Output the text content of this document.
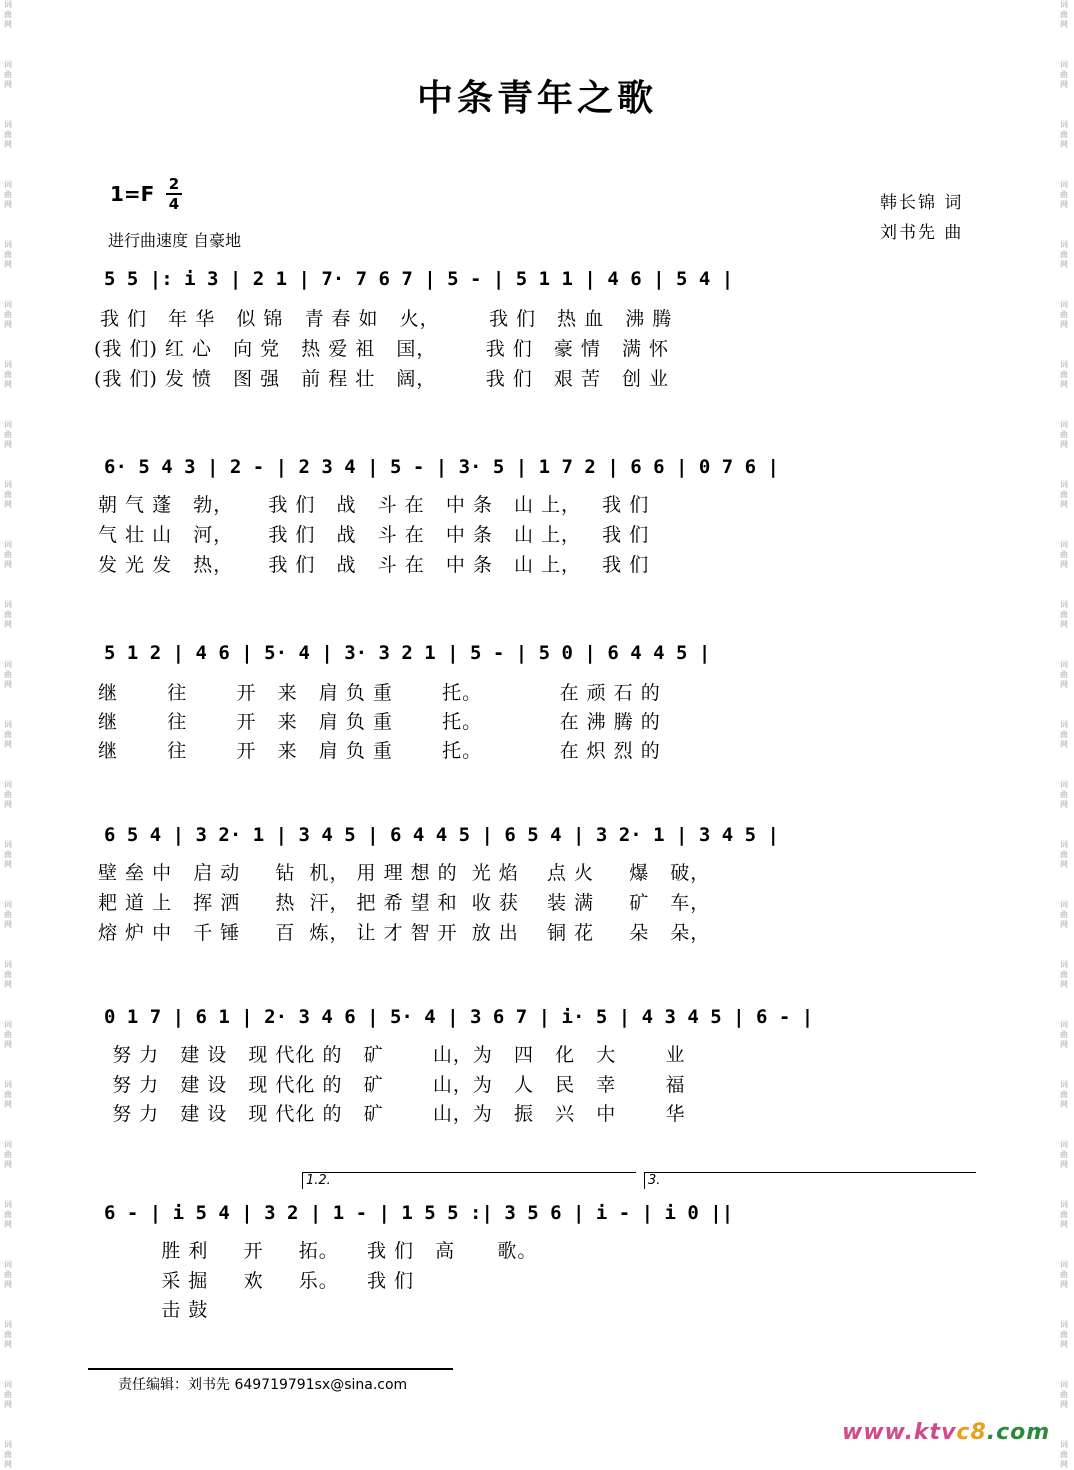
词曲网
词曲网
词曲网
词曲网
词曲网
词曲网
词曲网
词曲网
词曲网
词曲网
词曲网
词曲网
词曲网
词曲网
词曲网
词曲网
词曲网
词曲网
词曲网
词曲网
词曲网
词曲网
词曲网
词曲网
词曲网
词曲网
词曲网
词曲网
词曲网
词曲网
词曲网
词曲网
词曲网
词曲网
词曲网
词曲网
词曲网
词曲网
词曲网
词曲网
词曲网
词曲网
词曲网
词曲网
词曲网
词曲网
词曲网
词曲网
词曲网
词曲网
中条青年之歌
1=F 2
4
进行曲速度 自豪地
韩长锦 词
刘书先 曲
5 5 |: i 3 | 2 1 | 7· 7 6 7 | 5 - | 5 1 1 | 4 6 | 5 4 |
我 们   年 华   似 锦   青 春 如   火，       我 们   热 血   沸 腾
(我 们) 红 心   向 党   热 爱 祖   国，       我 们   豪 情   满 怀
(我 们) 发 愤   图 强   前 程 壮   阔，       我 们   艰 苦   创 业
6· 5 4 3 | 2 - | 2 3 4 | 5 - | 3· 5 | 1 7 2 | 6 6 | 0 7 6 |
朝 气 蓬   勃，     我 们   战   斗 在   中 条   山 上，   我 们
气 壮 山   河，     我 们   战   斗 在   中 条   山 上，   我 们
发 光 发   热，     我 们   战   斗 在   中 条   山 上，   我 们
5 1 2 | 4 6 | 5· 4 | 3· 3 2 1 | 5 - | 5 0 | 6 4 4 5 |
继       往       开   来   肩 负 重       托。           在 顽 石 的
继       往       开   来   肩 负 重       托。           在 沸 腾 的
继       往       开   来   肩 负 重       托。           在 炽 烈 的
6 5 4 | 3 2· 1 | 3 4 5 | 6 4 4 5 | 6 5 4 | 3 2· 1 | 3 4 5 |
壁 垒 中   启 动     钻  机， 用 理 想 的  光 焰    点 火     爆   破，
耙 道 上   挥 洒     热  汗， 把 希 望 和  收 获    装 满     矿   车，
熔 炉 中   千 锤     百  炼， 让 才 智 开  放 出    铜 花     朵   朵，
0 1 7 | 6 1 | 2· 3 4 6 | 5· 4 | 3 6 7 | i· 5 | 4 3 4 5 | 6 - |
努 力   建 设   现 代化 的   矿       山，为   四   化   大       业
努 力   建 设   现 代化 的   矿       山，为   人   民   幸       福
努 力   建 设   现 代化 的   矿       山，为   振   兴   中       华
1.2.	3.
6 - | i 5 4 | 3 2 | 1 - | 1 5 5 :| 3 5 6 | i - | i 0 ||
胜 利     开     拓。    我 们   高      歌。
采 掘     欢     乐。    我 们
击 鼓
责任编辑：刘书先 649719791sx@sina.com
www.ktvc8.com
